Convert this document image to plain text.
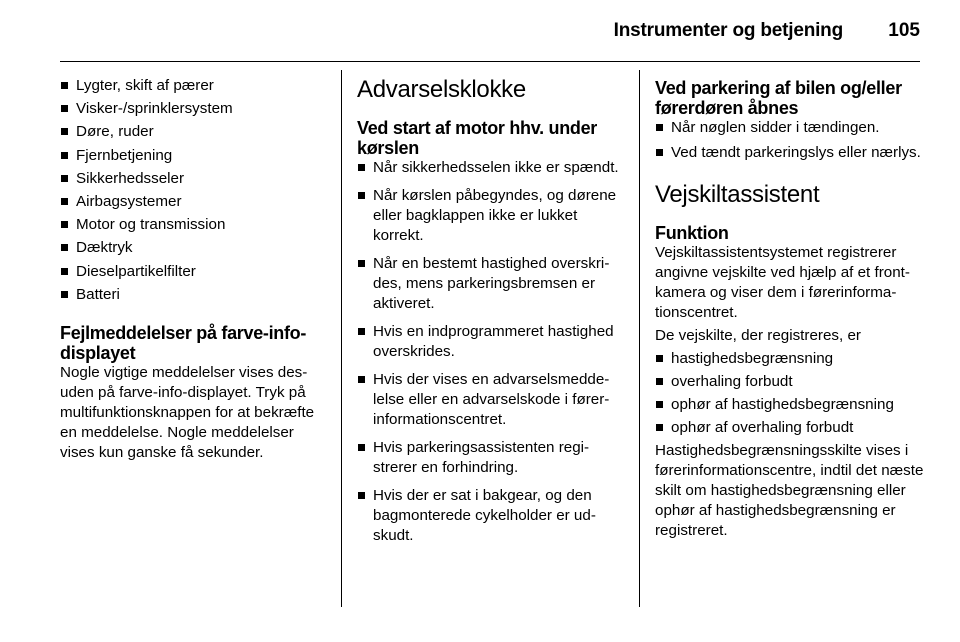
Instrumenter og betjening 105
Lygter, skift af pærer
Visker-/sprinklersystem
Døre, ruder
Fjernbetjening
Sikkerhedsseler
Airbagsystemer
Motor og transmission
Dæktryk
Dieselpartikelfilter
Batteri
Fejlmeddelelser på farve-info-displayet

Nogle vigtige meddelelser vises desuden på farve-info-displayet. Tryk på multifunktionsknappen for at bekræfte en meddelelse. Nogle meddelelser vises kun ganske få sekunder.

Advarselsklokke
Ved start af motor hhv. under kørslen
Når sikkerhedsselen ikke er spændt.
Når kørslen påbegyndes, og dørene eller bagklappen ikke er lukket korrekt.
Når en bestemt hastighed overskrides, mens parkeringsbremsen er aktiveret.
Hvis en indprogrammeret hastighed overskrides.
Hvis der vises en advarselsmeddelelse eller en advarselskode i førerinformationscentret.
Hvis parkeringsassistenten registrerer en forhindring.
Hvis der er sat i bakgear, og den bagmonterede cykelholder er udskudt.
Ved parkering af bilen og/eller førerdøren åbnes
Når nøglen sidder i tændingen.
Ved tændt parkeringslys eller nærlys.
Vejskiltassistent
Funktion

Vejskiltassistentsystemet registrerer angivne vejskilte ved hjælp af et frontkamera og viser dem i førerinformationscentret.

De vejskilte, der registreres, er

hastighedsbegrænsning
overhaling forbudt
ophør af hastighedsbegrænsning
ophør af overhaling forbudt

Hastighedsbegrænsningsskilte vises i førerinformationscentre, indtil det næste skilt om hastighedsbegrænsning eller ophør af hastighedsbegrænsning er registreret.
